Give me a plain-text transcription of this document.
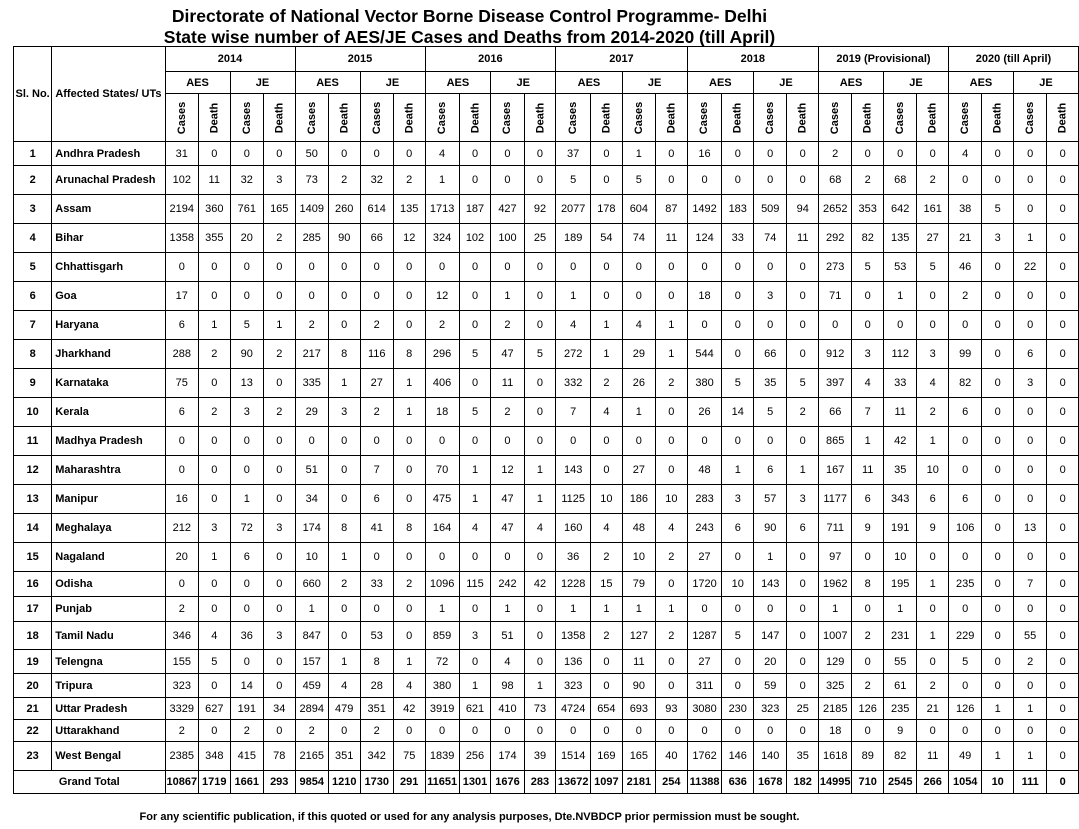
Directorate of National Vector Borne Disease Control Programme- Delhi
State wise number of AES/JE Cases and Deaths from 2014-2020 (till April)
Sl. No.	Affected States/ UTs	2014				2015				2016				2017				2018				2019 (Provisional)				2020 (till April)			
		AES		JE		AES		JE		AES		JE		AES		JE		AES		JE		AES		JE		AES		JE	
		Cases	Death	Cases	Death	Cases	Death	Cases	Death	Cases	Death	Cases	Death	Cases	Death	Cases	Death	Cases	Death	Cases	Death	Cases	Death	Cases	Death	Cases	Death	Cases	Death
1	Andhra Pradesh	31	0	0	0	50	0	0	0	4	0	0	0	37	0	1	0	16	0	0	0	2	0	0	0	4	0	0	0
2	Arunachal Pradesh	102	11	32	3	73	2	32	2	1	0	0	0	5	0	5	0	0	0	0	0	68	2	68	2	0	0	0	0
3	Assam	2194	360	761	165	1409	260	614	135	1713	187	427	92	2077	178	604	87	1492	183	509	94	2652	353	642	161	38	5	0	0
4	Bihar	1358	355	20	2	285	90	66	12	324	102	100	25	189	54	74	11	124	33	74	11	292	82	135	27	21	3	1	0
5	Chhattisgarh	0	0	0	0	0	0	0	0	0	0	0	0	0	0	0	0	0	0	0	0	273	5	53	5	46	0	22	0
6	Goa	17	0	0	0	0	0	0	0	12	0	1	0	1	0	0	0	18	0	3	0	71	0	1	0	2	0	0	0
7	Haryana	6	1	5	1	2	0	2	0	2	0	2	0	4	1	4	1	0	0	0	0	0	0	0	0	0	0	0	0
8	Jharkhand	288	2	90	2	217	8	116	8	296	5	47	5	272	1	29	1	544	0	66	0	912	3	112	3	99	0	6	0
9	Karnataka	75	0	13	0	335	1	27	1	406	0	11	0	332	2	26	2	380	5	35	5	397	4	33	4	82	0	3	0
10	Kerala	6	2	3	2	29	3	2	1	18	5	2	0	7	4	1	0	26	14	5	2	66	7	11	2	6	0	0	0
11	Madhya Pradesh	0	0	0	0	0	0	0	0	0	0	0	0	0	0	0	0	0	0	0	0	865	1	42	1	0	0	0	0
12	Maharashtra	0	0	0	0	51	0	7	0	70	1	12	1	143	0	27	0	48	1	6	1	167	11	35	10	0	0	0	0
13	Manipur	16	0	1	0	34	0	6	0	475	1	47	1	1125	10	186	10	283	3	57	3	1177	6	343	6	6	0	0	0
14	Meghalaya	212	3	72	3	174	8	41	8	164	4	47	4	160	4	48	4	243	6	90	6	711	9	191	9	106	0	13	0
15	Nagaland	20	1	6	0	10	1	0	0	0	0	0	0	36	2	10	2	27	0	1	0	97	0	10	0	0	0	0	0
16	Odisha	0	0	0	0	660	2	33	2	1096	115	242	42	1228	15	79	0	1720	10	143	0	1962	8	195	1	235	0	7	0
17	Punjab	2	0	0	0	1	0	0	0	1	0	1	0	1	1	1	1	0	0	0	0	1	0	1	0	0	0	0	0
18	Tamil Nadu	346	4	36	3	847	0	53	0	859	3	51	0	1358	2	127	2	1287	5	147	0	1007	2	231	1	229	0	55	0
19	Telengna	155	5	0	0	157	1	8	1	72	0	4	0	136	0	11	0	27	0	20	0	129	0	55	0	5	0	2	0
20	Tripura	323	0	14	0	459	4	28	4	380	1	98	1	323	0	90	0	311	0	59	0	325	2	61	2	0	0	0	0
21	Uttar Pradesh	3329	627	191	34	2894	479	351	42	3919	621	410	73	4724	654	693	93	3080	230	323	25	2185	126	235	21	126	1	1	0
22	Uttarakhand	2	0	2	0	2	0	2	0	0	0	0	0	0	0	0	0	0	0	0	0	18	0	9	0	0	0	0	0
23	West Bengal	2385	348	415	78	2165	351	342	75	1839	256	174	39	1514	169	165	40	1762	146	140	35	1618	89	82	11	49	1	1	0
Grand Total		10867	1719	1661	293	9854	1210	1730	291	11651	1301	1676	283	13672	1097	2181	254	11388	636	1678	182	14995	710	2545	266	1054	10	111	0
For any scientific publication, if this quoted or used for any analysis purposes, Dte.NVBDCP prior permission must be sought.
